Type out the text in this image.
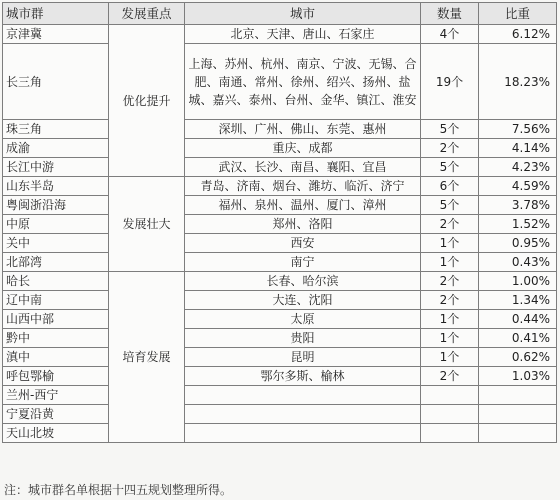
城市群	发展重点	城市	数量	比重
京津冀	优化提升	北京、天津、唐山、石家庄	4个	6.12%
长三角		上海、苏州、杭州、南京、宁波、无锡、合肥、南通、常州、徐州、绍兴、扬州、盐城、嘉兴、泰州、台州、金华、镇江、淮安	19个	18.23%
珠三角		深圳、广州、佛山、东莞、惠州	5个	7.56%
成渝		重庆、成都	2个	4.14%
长江中游		武汉、长沙、南昌、襄阳、宜昌	5个	4.23%
山东半岛	发展壮大	青岛、济南、烟台、潍坊、临沂、济宁	6个	4.59%
粤闽浙沿海		福州、泉州、温州、厦门、漳州	5个	3.78%
中原		郑州、洛阳	2个	1.52%
关中		西安	1个	0.95%
北部湾		南宁	1个	0.43%
哈长	培育发展	长春、哈尔滨	2个	1.00%
辽中南		大连、沈阳	2个	1.34%
山西中部		太原	1个	0.44%
黔中		贵阳	1个	0.41%
滇中		昆明	1个	0.62%
呼包鄂榆		鄂尔多斯、榆林	2个	1.03%
兰州-西宁				
宁夏沿黄				
天山北坡				
注：城市群名单根据十四五规划整理所得。
